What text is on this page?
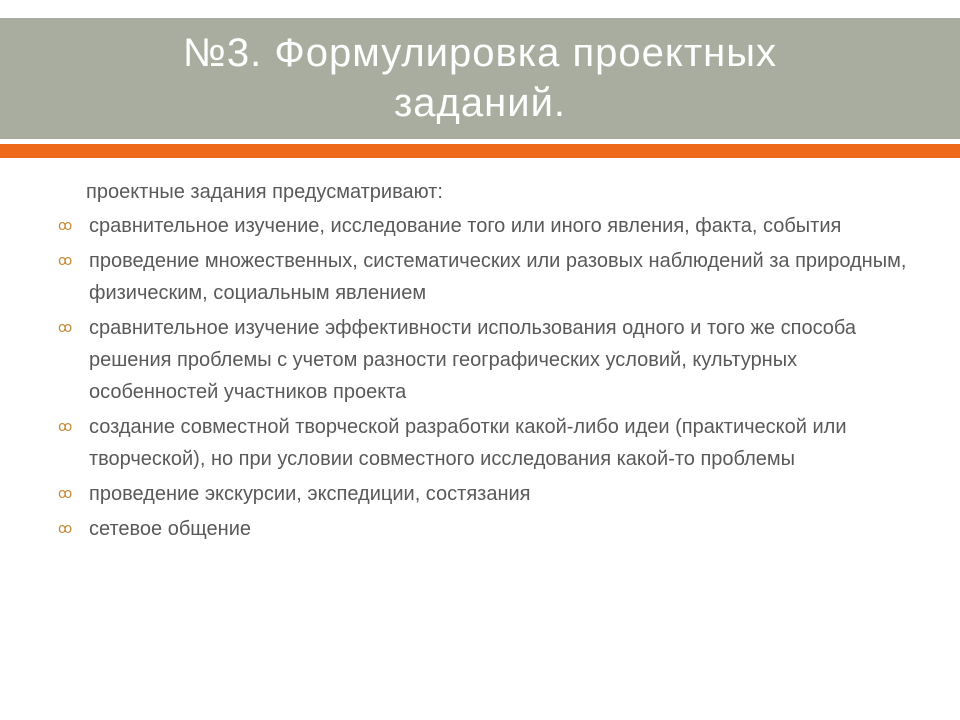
№3. Формулировка проектных
заданий.

проектные задания предусматривают:

ꝏ сравнительное изучение, исследование того или иного явления, факта, события
ꝏ проведение множественных, систематических или разовых наблюдений за природным, физическим, социальным явлением
ꝏ сравнительное изучение эффективности использования одного и того же способа решения проблемы с учетом разности географических условий, культурных особенностей участников проекта
ꝏ создание совместной творческой разработки какой-либо идеи (практической или творческой), но при условии совместного исследования какой-то проблемы
ꝏ проведение экскурсии, экспедиции, состязания
ꝏ сетевое общение
